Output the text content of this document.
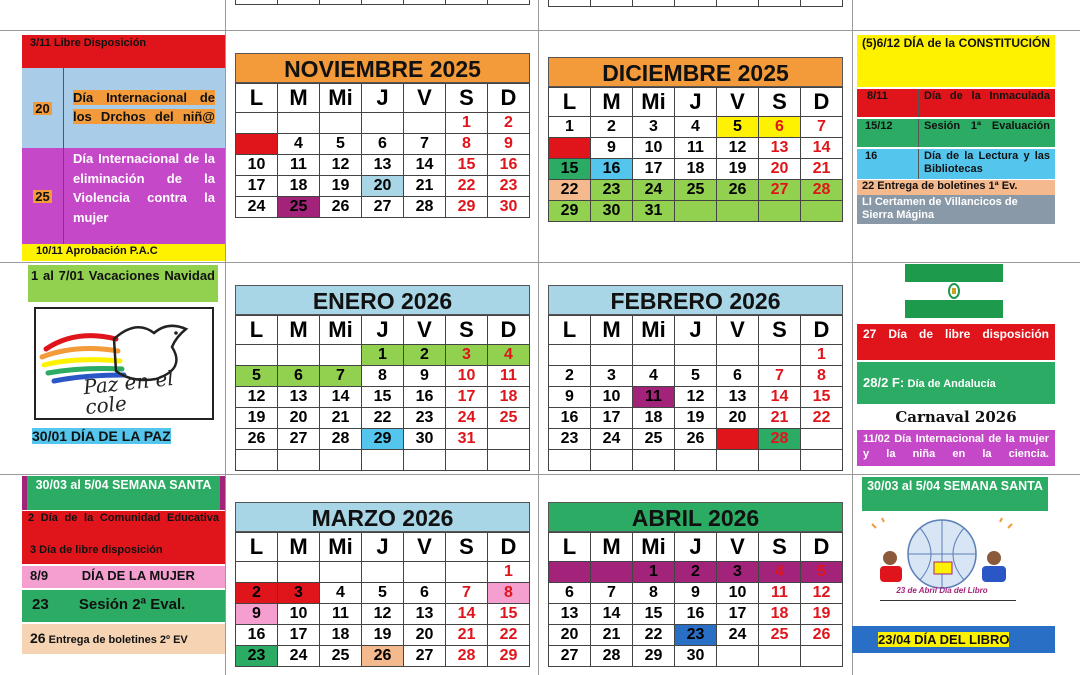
NOVIEMBRE 2025
L	M	Mi	J	V	S	D
					1	2
3	4	5	6	7	8	9
10	11	12	13	14	15	16
17	18	19	20	21	22	23
24	25	26	27	28	29	30
DICIEMBRE 2025
L	M	Mi	J	V	S	D
1	2	3	4	5	6	7
8	9	10	11	12	13	14
15	16	17	18	19	20	21
22	23	24	25	26	27	28
29	30	31				
ENERO 2026
L	M	Mi	J	V	S	D
			1	2	3	4
5	6	7	8	9	10	11
12	13	14	15	16	17	18
19	20	21	22	23	24	25
26	27	28	29	30	31	

FEBRERO 2026
L	M	Mi	J	V	S	D
						1
2	3	4	5	6	7	8
9	10	11	12	13	14	15
16	17	18	19	20	21	22
23	24	25	26	27	28	

MARZO 2026
L	M	Mi	J	V	S	D
						1
2	3	4	5	6	7	8
9	10	11	12	13	14	15
16	17	18	19	20	21	22
23	24	25	26	27	28	29
ABRIL 2026
L	M	Mi	J	V	S	D
		1	2	3	4	5
6	7	8	9	10	11	12
13	14	15	16	17	18	19
20	21	22	23	24	25	26
27	28	29	30			
3/11 Libre Disposición
20
Día Internacional de los Drchos del niñ@
25
Día Internacional de la eliminación de la Violencia contra la mujer
10/11 Aprobación P.A.C
1 al 7/01 Vacaciones Navidad
Paz en el cole
30/01 DÍA DE LA PAZ
30/03 al 5/04 SEMANA SANTA
2 Día de la Comunidad Educativa
3 Día de libre disposición
8/9	DÍA DE LA MUJER
23 Sesión 2ª Eval.
26 Entrega de boletines 2º EV
(5)6/12 DÍA de la CONSTITUCIÓN
8/11	Día de la Inmaculada
15/12	Sesión 1ª Evaluación
16	Día de la Lectura y las Bibliotecas
22 Entrega de boletines 1ª Ev.
LI Certamen de Villancicos de Sierra Mágina
27 Día de libre disposición
28/2 F: Día de Andalucía
Carnaval 2026
11/02 Día Internacional de la mujer y la niña en la ciencia.
30/03 al 5/04 SEMANA SANTA
23 de Abril Día del Libro
23/04 DÍA DEL LIBRO
